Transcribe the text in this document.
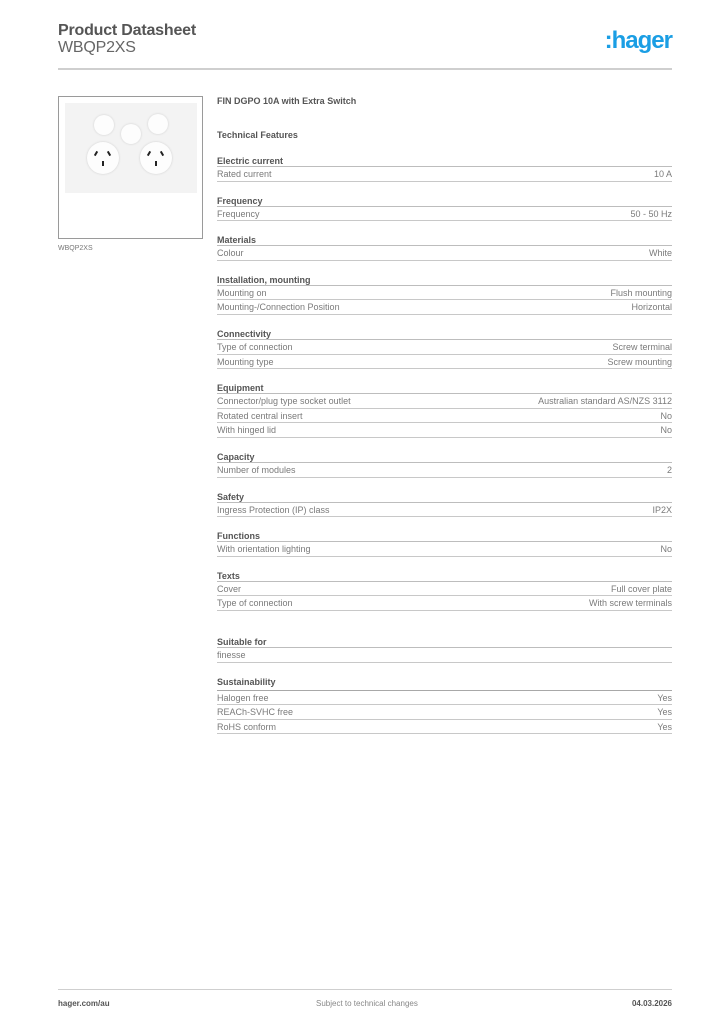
Product Datasheet
WBQP2XS	:hager
WBQP2XS
FIN DGPO 10A with Extra Switch
Technical Features
Electric current
Rated current	10 A
Frequency
Frequency	50 - 50 Hz
Materials
Colour	White
Installation, mounting
Mounting on	Flush mounting
Mounting-/Connection Position	Horizontal
Connectivity
Type of connection	Screw terminal
Mounting type	Screw mounting
Equipment
Connector/plug type socket outlet	Australian standard AS/NZS 3112
Rotated central insert	No
With hinged lid	No
Capacity
Number of modules	2
Safety
Ingress Protection (IP) class	IP2X
Functions
With orientation lighting	No
Texts
Cover	Full cover plate
Type of connection	With screw terminals
Suitable for
finesse
Sustainability
Halogen free	Yes
REACh-SVHC free	Yes
RoHS conform	Yes
hager.com/au	Subject to technical changes	04.03.2026
